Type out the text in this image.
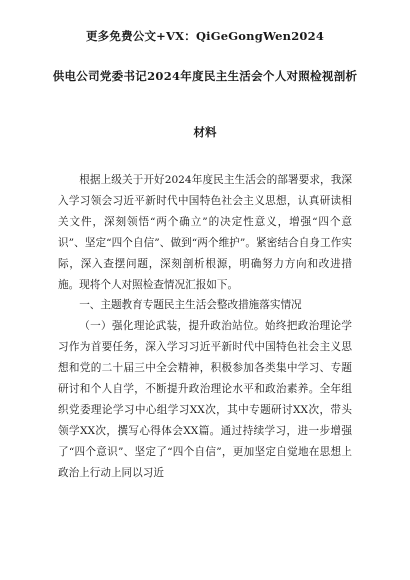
更多免费公文+VX：QiGeGongWen2024
供电公司党委书记2024年度民主生活会个人对照检视剖析
材料

根据上级关于开好2024年度民主生活会的部署要求，我深入学习领会习近平新时代中国特色社会主义思想，认真研读相关文件，深刻领悟“两个确立”的决定性意义，增强“四个意识”、坚定“四个自信”、做到“两个维护”。紧密结合自身工作实际，深入查摆问题，深刻剖析根源，明确努力方向和改进措施。现将个人对照检查情况汇报如下。

一、主题教育专题民主生活会整改措施落实情况

（一）强化理论武装，提升政治站位。始终把政治理论学习作为首要任务，深入学习习近平新时代中国特色社会主义思想和党的二十届三中全会精神，积极参加各类集中学习、专题研讨和个人自学，不断提升政治理论水平和政治素养。全年组织党委理论学习中心组学习XX次，其中专题研讨XX次，带头领学XX次，撰写心得体会XX篇。通过持续学习，进一步增强了“四个意识”、坚定了“四个自信”，更加坚定自觉地在思想上政治上行动上同以习近
